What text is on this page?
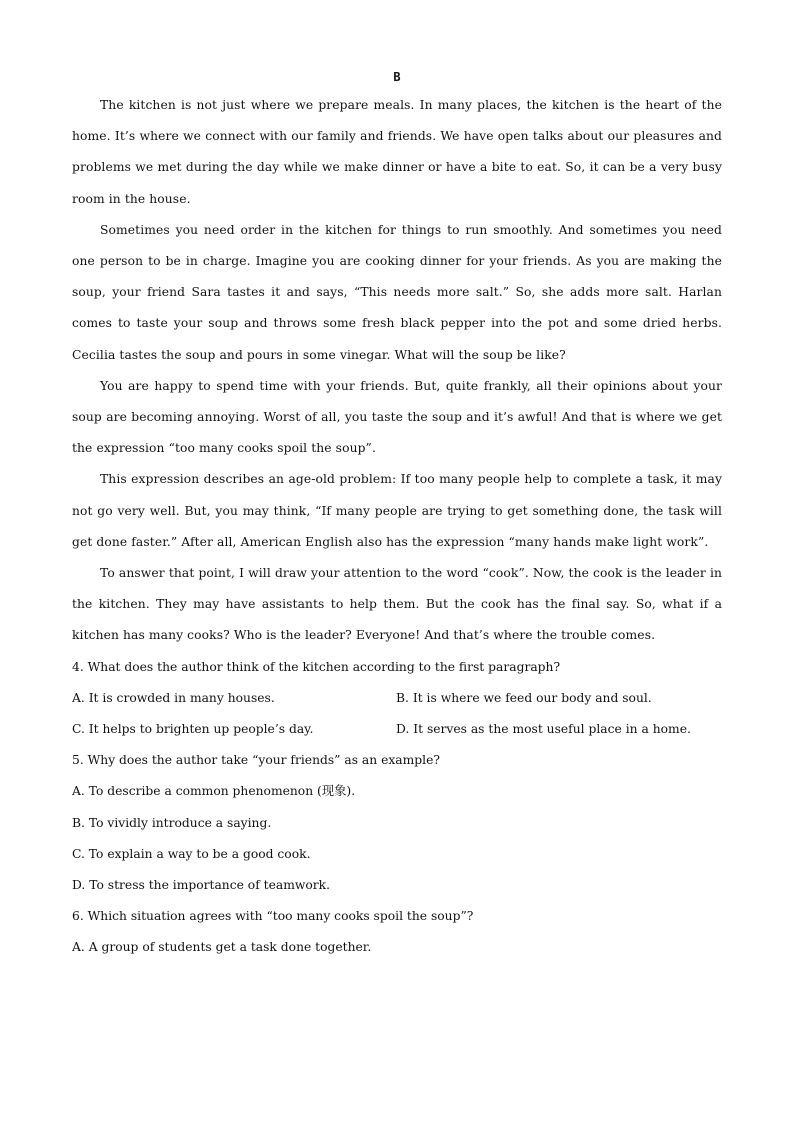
B

The kitchen is not just where we prepare meals. In many places, the kitchen is the heart of the home. It’s where we connect with our family and friends. We have open talks about our pleasures and problems we met during the day while we make dinner or have a bite to eat. So, it can be a very busy room in the house.

Sometimes you need order in the kitchen for things to run smoothly. And sometimes you need one person to be in charge. Imagine you are cooking dinner for your friends. As you are making the soup, your friend Sara tastes it and says, “This needs more salt.” So, she adds more salt. Harlan comes to taste your soup and throws some fresh black pepper into the pot and some dried herbs. Cecilia tastes the soup and pours in some vinegar. What will the soup be like?

You are happy to spend time with your friends. But, quite frankly, all their opinions about your soup are becoming annoying. Worst of all, you taste the soup and it’s awful! And that is where we get the expression “too many cooks spoil the soup”.

This expression describes an age-old problem: If too many people help to complete a task, it may not go very well. But, you may think, “If many people are trying to get something done, the task will get done faster.” After all, American English also has the expression “many hands make light work”.

To answer that point, I will draw your attention to the word “cook”. Now, the cook is the leader in the kitchen. They may have assistants to help them. But the cook has the final say. So, what if a kitchen has many cooks? Who is the leader? Everyone! And that’s where the trouble comes.

4. What does the author think of the kitchen according to the first paragraph?

A. It is crowded in many houses.	B. It is where we feed our body and soul.
C. It helps to brighten up people’s day.	D. It serves as the most useful place in a home.

5. Why does the author take “your friends” as an example?

A. To describe a common phenomenon (现象).

B. To vividly introduce a saying.

C. To explain a way to be a good cook.

D. To stress the importance of teamwork.

6. Which situation agrees with “too many cooks spoil the soup”?

A. A group of students get a task done together.
